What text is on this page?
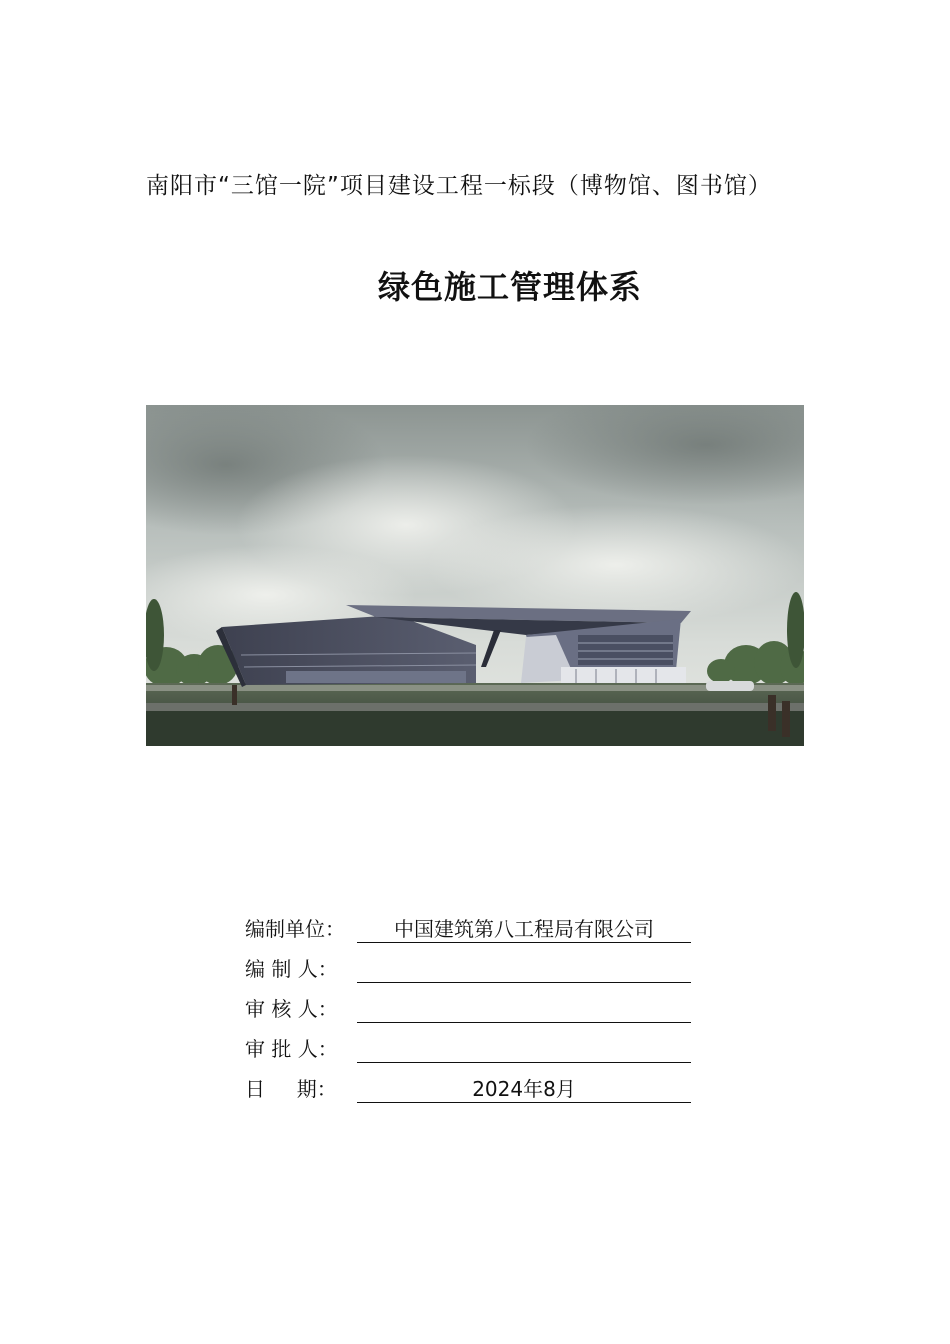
南阳市“三馆一院”项目建设工程一标段（博物馆、图书馆）
绿色施工管理体系
编制单位：	中国建筑第八工程局有限公司
编 制 人：
审 核 人：
审 批 人：
日     期：	2024年8月
